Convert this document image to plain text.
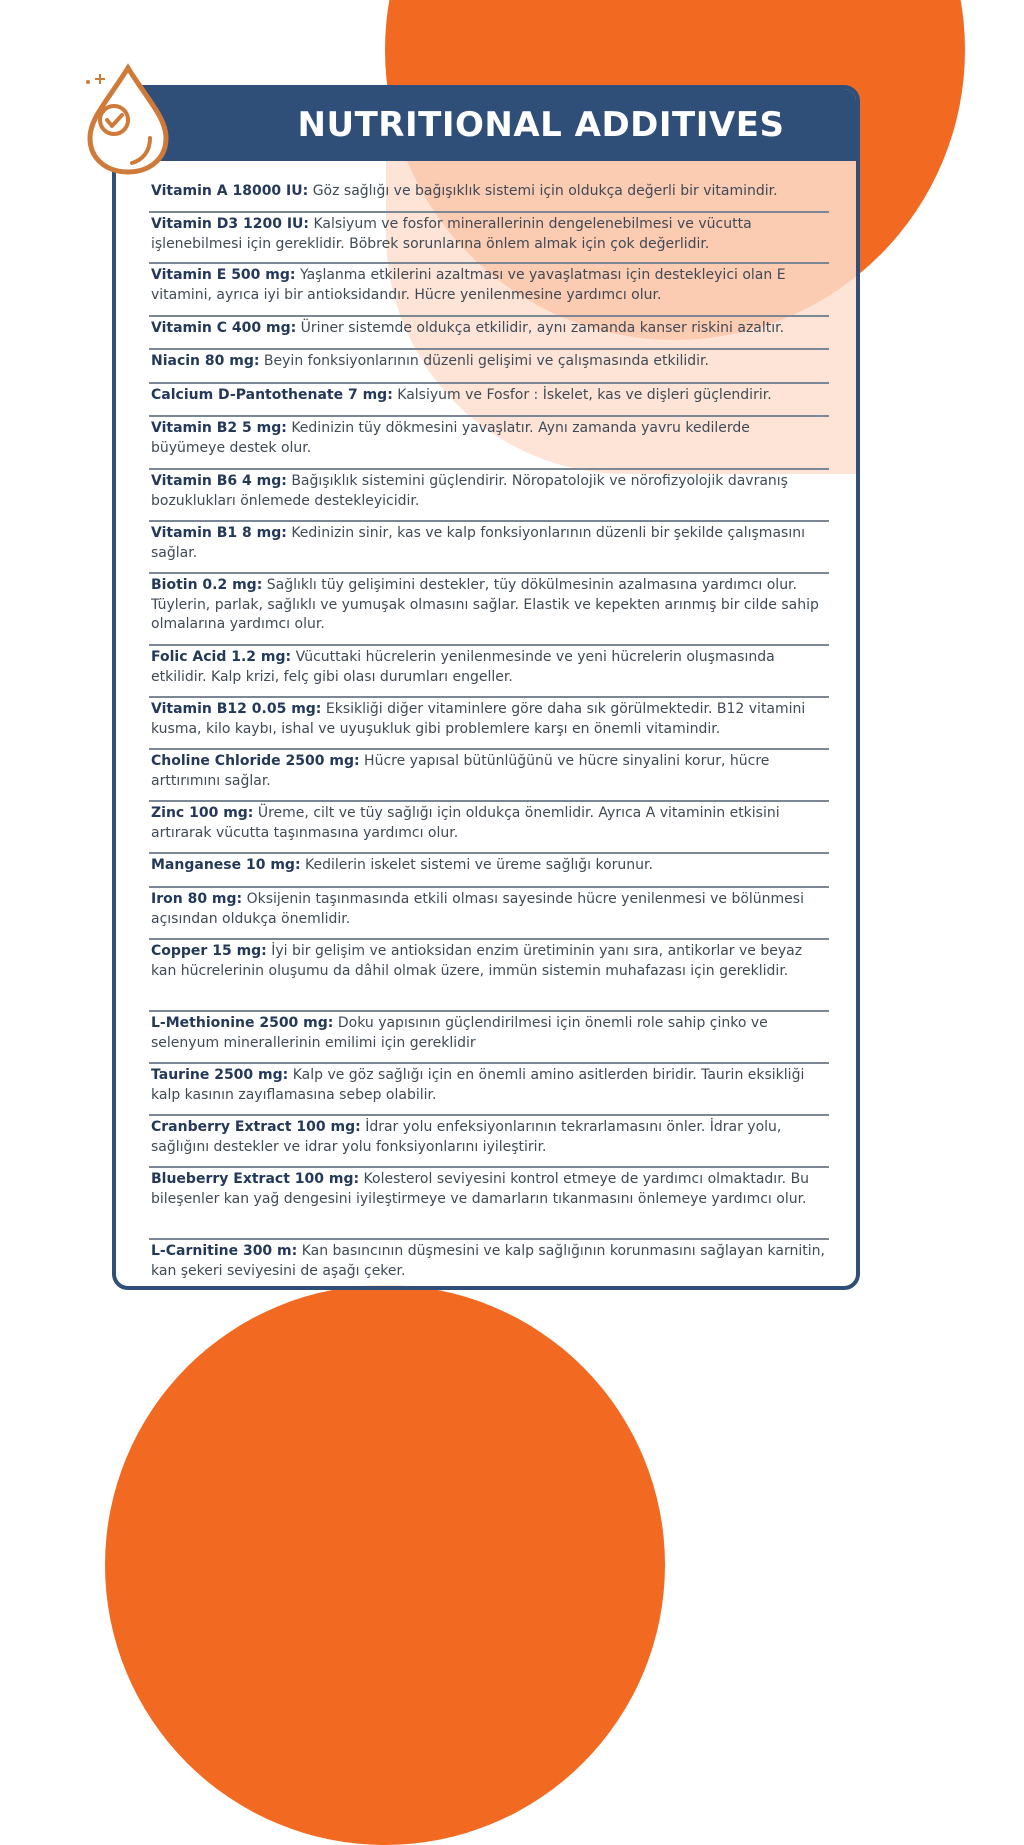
NUTRITIONAL ADDITIVES
Vitamin A 18000 IU: Göz sağlığı ve bağışıklık sistemi için oldukça değerli bir vitamindir.
Vitamin D3 1200 IU: Kalsiyum ve fosfor minerallerinin dengelenebilmesi ve vücutta işlenebilmesi için gereklidir. Böbrek sorunlarına önlem almak için çok değerlidir.
Vitamin E 500 mg: Yaşlanma etkilerini azaltması ve yavaşlatması için destekleyici olan E vitamini, ayrıca iyi bir antioksidandır. Hücre yenilenmesine yardımcı olur.
Vitamin C 400 mg: Üriner sistemde oldukça etkilidir, aynı zamanda kanser riskini azaltır.
Niacin 80 mg: Beyin fonksiyonlarının düzenli gelişimi ve çalışmasında etkilidir.
Calcium D-Pantothenate 7 mg: Kalsiyum ve Fosfor : İskelet, kas ve dişleri güçlendirir.
Vitamin B2 5 mg: Kedinizin tüy dökmesini yavaşlatır. Aynı zamanda yavru kedilerde büyümeye destek olur.
Vitamin B6 4 mg: Bağışıklık sistemini güçlendirir. Nöropatolojik ve nörofizyolojik davranış bozuklukları önlemede destekleyicidir.
Vitamin B1 8 mg: Kedinizin sinir, kas ve kalp fonksiyonlarının düzenli bir şekilde çalışmasını sağlar.
Biotin 0.2 mg: Sağlıklı tüy gelişimini destekler, tüy dökülmesinin azalmasına yardımcı olur. Tüylerin, parlak, sağlıklı ve yumuşak olmasını sağlar. Elastik ve kepekten arınmış bir cilde sahip olmalarına yardımcı olur.
Folic Acid 1.2 mg: Vücuttaki hücrelerin yenilenmesinde ve yeni hücrelerin oluşmasında etkilidir. Kalp krizi, felç gibi olası durumları engeller.
Vitamin B12 0.05 mg: Eksikliği diğer vitaminlere göre daha sık görülmektedir. B12 vitamini kusma, kilo kaybı, ishal ve uyuşukluk gibi problemlere karşı en önemli vitamindir.
Choline Chloride 2500 mg: Hücre yapısal bütünlüğünü ve hücre sinyalini korur, hücre arttırımını sağlar.
Zinc 100 mg: Üreme, cilt ve tüy sağlığı için oldukça önemlidir. Ayrıca A vitaminin etkisini artırarak vücutta taşınmasına yardımcı olur.
Manganese 10 mg: Kedilerin iskelet sistemi ve üreme sağlığı korunur.
Iron 80 mg: Oksijenin taşınmasında etkili olması sayesinde hücre yenilenmesi ve bölünmesi açısından oldukça önemlidir.
Copper 15 mg: İyi bir gelişim ve antioksidan enzim üretiminin yanı sıra, antikorlar ve beyaz kan hücrelerinin oluşumu da dâhil olmak üzere, immün sistemin muhafazası için gereklidir.
L-Methionine 2500 mg: Doku yapısının güçlendirilmesi için önemli role sahip çinko ve selenyum minerallerinin emilimi için gereklidir
Taurine 2500 mg: Kalp ve göz sağlığı için en önemli amino asitlerden biridir. Taurin eksikliği kalp kasının zayıflamasına sebep olabilir.
Cranberry Extract 100 mg: İdrar yolu enfeksiyonlarının tekrarlamasını önler. İdrar yolu, sağlığını destekler ve idrar yolu fonksiyonlarını iyileştirir.
Blueberry Extract 100 mg: Kolesterol seviyesini kontrol etmeye de yardımcı olmaktadır. Bu bileşenler kan yağ dengesini iyileştirmeye ve damarların tıkanmasını önlemeye yardımcı olur.
L-Carnitine 300 m: Kan basıncının düşmesini ve kalp sağlığının korunmasını sağlayan karnitin, kan şekeri seviyesini de aşağı çeker.
